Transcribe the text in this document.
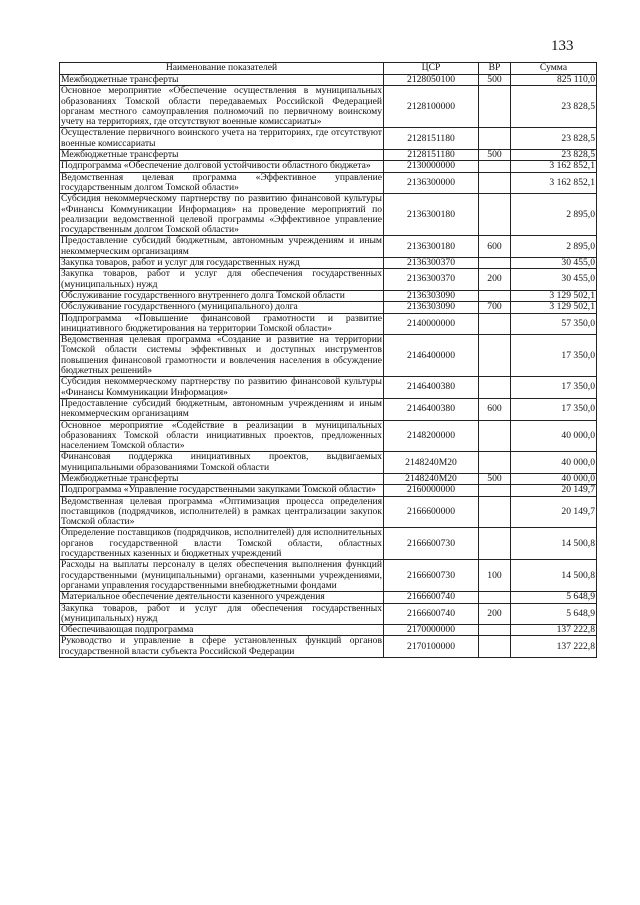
133
Наименование показателей	ЦСР	ВР	Сумма
Межбюджетные трансферты	2128050100	500	825 110,0
Основное мероприятие «Обеспечение осуществления в муниципальных образованиях Томской области передаваемых Российской Федерацией органам местного самоуправления полномочий по первичному воинскому учету на территориях, где отсутствуют военные комиссариаты»	2128100000		23 828,5
Осуществление первичного воинского учета на территориях, где отсутствуют военные комиссариаты	2128151180		23 828,5
Межбюджетные трансферты	2128151180	500	23 828,5
Подпрограмма «Обеспечение долговой устойчивости областного бюджета»	2130000000		3 162 852,1
Ведомственная целевая программа «Эффективное управление государственным долгом Томской области»	2136300000		3 162 852,1
Субсидия некоммерческому партнерству по развитию финансовой культуры «Финансы Коммуникации Информация» на проведение мероприятий по реализации ведомственной целевой программы «Эффективное управление государственным долгом Томской области»	2136300180		2 895,0
Предоставление субсидий бюджетным, автономным учреждениям и иным некоммерческим организациям	2136300180	600	2 895,0
Закупка товаров, работ и услуг для государственных нужд	2136300370		30 455,0
Закупка товаров, работ и услуг для обеспечения государственных (муниципальных) нужд	2136300370	200	30 455,0
Обслуживание государственного внутреннего долга Томской области	2136303090		3 129 502,1
Обслуживание государственного (муниципального) долга	2136303090	700	3 129 502,1
Подпрограмма «Повышение финансовой грамотности и развитие инициативного бюджетирования на территории Томской области»	2140000000		57 350,0
Ведомственная целевая программа «Создание и развитие на территории Томской области системы эффективных и доступных инструментов повышения финансовой грамотности и вовлечения населения в обсуждение бюджетных решений»	2146400000		17 350,0
Субсидия некоммерческому партнерству по развитию финансовой культуры «Финансы Коммуникации Информация»	2146400380		17 350,0
Предоставление субсидий бюджетным, автономным учреждениям и иным некоммерческим организациям	2146400380	600	17 350,0
Основное мероприятие «Содействие в реализации в муниципальных образованиях Томской области инициативных проектов, предложенных населением Томской области»	2148200000		40 000,0
Финансовая поддержка инициативных проектов, выдвигаемых муниципальными образованиями Томской области	2148240М20		40 000,0
Межбюджетные трансферты	2148240М20	500	40 000,0
Подпрограмма «Управление государственными закупками Томской области»	2160000000		20 149,7
Ведомственная целевая программа «Оптимизация процесса определения поставщиков (подрядчиков, исполнителей) в рамках централизации закупок Томской области»	2166600000		20 149,7
Определение поставщиков (подрядчиков, исполнителей) для исполнительных органов государственной власти Томской области, областных государственных казенных и бюджетных учреждений	2166600730		14 500,8
Расходы на выплаты персоналу в целях обеспечения выполнения функций государственными (муниципальными) органами, казенными учреждениями, органами управления государственными внебюджетными фондами	2166600730	100	14 500,8
Материальное обеспечение деятельности казенного учреждения	2166600740		5 648,9
Закупка товаров, работ и услуг для обеспечения государственных (муниципальных) нужд	2166600740	200	5 648,9
Обеспечивающая подпрограмма	2170000000		137 222,8
Руководство и управление в сфере установленных функций органов государственной власти субъекта Российской Федерации	2170100000		137 222,8
